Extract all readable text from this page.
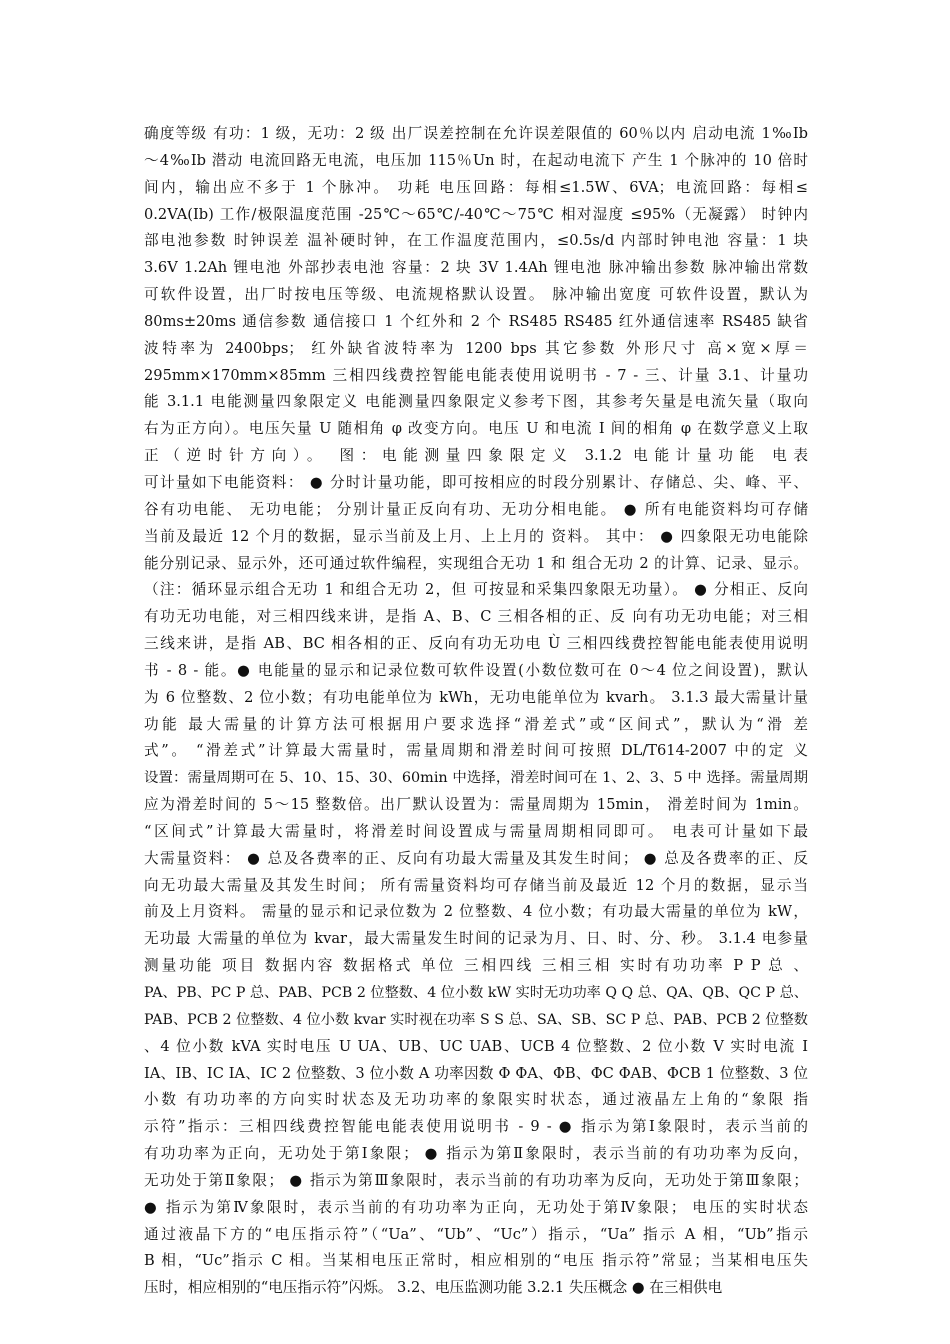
确度等级 有功：1 级，无功：2 级 出厂误差控制在允许误差限值的 60％以内 启动电流 1‰Ib
～4‰Ib 潜动 电流回路无电流，电压加 115％Un 时，在起动电流下 产生 1 个脉冲的 10 倍时
间内，输出应不多于 1 个脉冲。 功耗 电压回路：每相≤1.5W、6VA；电流回路：每相≤
0.2VA(Ib) 工作/极限温度范围 -25℃～65℃/-40℃～75℃ 相对湿度 ≤95%（无凝露） 时钟内
部电池参数 时钟误差 温补硬时钟，在工作温度范围内，≤0.5s/d 内部时钟电池 容量：1 块
3.6V 1.2Ah 锂电池 外部抄表电池 容量：2 块 3V 1.4Ah 锂电池 脉冲输出参数 脉冲输出常数
可软件设置，出厂时按电压等级、电流规格默认设置。 脉冲输出宽度 可软件设置，默认为
80ms±20ms 通信参数 通信接口 1 个红外和 2 个 RS485 RS485 红外通信速率 RS485 缺省
波特率为 2400bps； 红外缺省波特率为 1200 bps 其它参数 外形尺寸 高×宽×厚＝
295mm×170mm×85mm 三相四线费控智能电能表使用说明书 - 7 - 三、计量 3.1、计量功
能 3.1.1 电能测量四象限定义 电能测量四象限定义参考下图，其参考矢量是电流矢量（取向
右为正方向）。电压矢量 U 随相角 φ 改变方向。电压 U 和电流 I 间的相角 φ 在数学意义上取
正（逆时针方向）。 图：电能测量四象限定义 3.1.2 电能计量功能 电表
可计量如下电能资料： ● 分时计量功能，即可按相应的时段分别累计、存储总、尖、峰、平、
谷有功电能、 无功电能； 分别计量正反向有功、无功分相电能。 ● 所有电能资料均可存储
当前及最近 12 个月的数据，显示当前及上月、上上月的 资料。 其中： ● 四象限无功电能除
能分别记录、显示外，还可通过软件编程，实现组合无功 1 和 组合无功 2 的计算、记录、显示。
（注：循环显示组合无功 1 和组合无功 2，但 可按显和采集四象限无功量）。 ● 分相正、反向
有功无功电能，对三相四线来讲，是指 A、B、C 三相各相的正、反 向有功无功电能；对三相
三线来讲，是指 AB、BC 相各相的正、反向有功无功电 Ù 三相四线费控智能电能表使用说明
书 - 8 - 能。● 电能量的显示和记录位数可软件设置(小数位数可在 0～4 位之间设置)，默认
为 6 位整数、2 位小数；有功电能单位为 kWh，无功电能单位为 kvarh。 3.1.3 最大需量计量
功能 最大需量的计算方法可根据用户要求选择“滑差式”或“区间式”，默认为“滑 差
式”。 “滑差式”计算最大需量时，需量周期和滑差时间可按照 DL/T614-2007 中的定 义
设置：需量周期可在 5、10、15、30、60min 中选择，滑差时间可在 1、2、3、5 中 选择。需量周期
应为滑差时间的 5～15 整数倍。出厂默认设置为：需量周期为 15min， 滑差时间为 1min。
“区间式”计算最大需量时，将滑差时间设置成与需量周期相同即可。 电表可计量如下最
大需量资料： ● 总及各费率的正、反向有功最大需量及其发生时间； ● 总及各费率的正、反
向无功最大需量及其发生时间； 所有需量资料均可存储当前及最近 12 个月的数据，显示当
前及上月资料。 需量的显示和记录位数为 2 位整数、4 位小数；有功最大需量的单位为 kW，
无功最 大需量的单位为 kvar，最大需量发生时间的记录为月、日、时、分、秒。 3.1.4 电参量
测量功能 项目 数据内容 数据格式 单位 三相四线 三相三相 实时有功功率 P P 总 、
PA、PB、PC P 总、PAB、PCB 2 位整数、4 位小数 kW 实时无功功率 Q Q 总、QA、QB、QC P 总、
PAB、PCB 2 位整数、4 位小数 kvar 实时视在功率 S S 总、SA、SB、SC P 总、PAB、PCB 2 位整数
、4 位小数 kVA 实时电压 U UA、UB、UC UAB、UCB 4 位整数、2 位小数 V 实时电流 I
IA、IB、IC IA、IC 2 位整数、3 位小数 A 功率因数 Φ ΦA、ΦB、ΦC ΦAB、ΦCB 1 位整数、3 位
小数 有功功率的方向实时状态及无功功率的象限实时状态，通过液晶左上角的“象限 指
示符”指示：三相四线费控智能电能表使用说明书 - 9 - ● 指示为第Ⅰ象限时，表示当前的
有功功率为正向，无功处于第Ⅰ象限； ● 指示为第Ⅱ象限时，表示当前的有功功率为反向，
无功处于第Ⅱ象限； ● 指示为第Ⅲ象限时，表示当前的有功功率为反向，无功处于第Ⅲ象限；
● 指示为第Ⅳ象限时，表示当前的有功功率为正向，无功处于第Ⅳ象限； 电压的实时状态
通过液晶下方的“电压指示符”（“Ua”、“Ub”、“Uc”）指示，“Ua” 指示 A 相，“Ub”指示
B 相，“Uc”指示 C 相。当某相电压正常时，相应相别的“电压 指示符”常显；当某相电压失
压时，相应相别的“电压指示符”闪烁。 3.2、电压监测功能 3.2.1 失压概念 ● 在三相供电
